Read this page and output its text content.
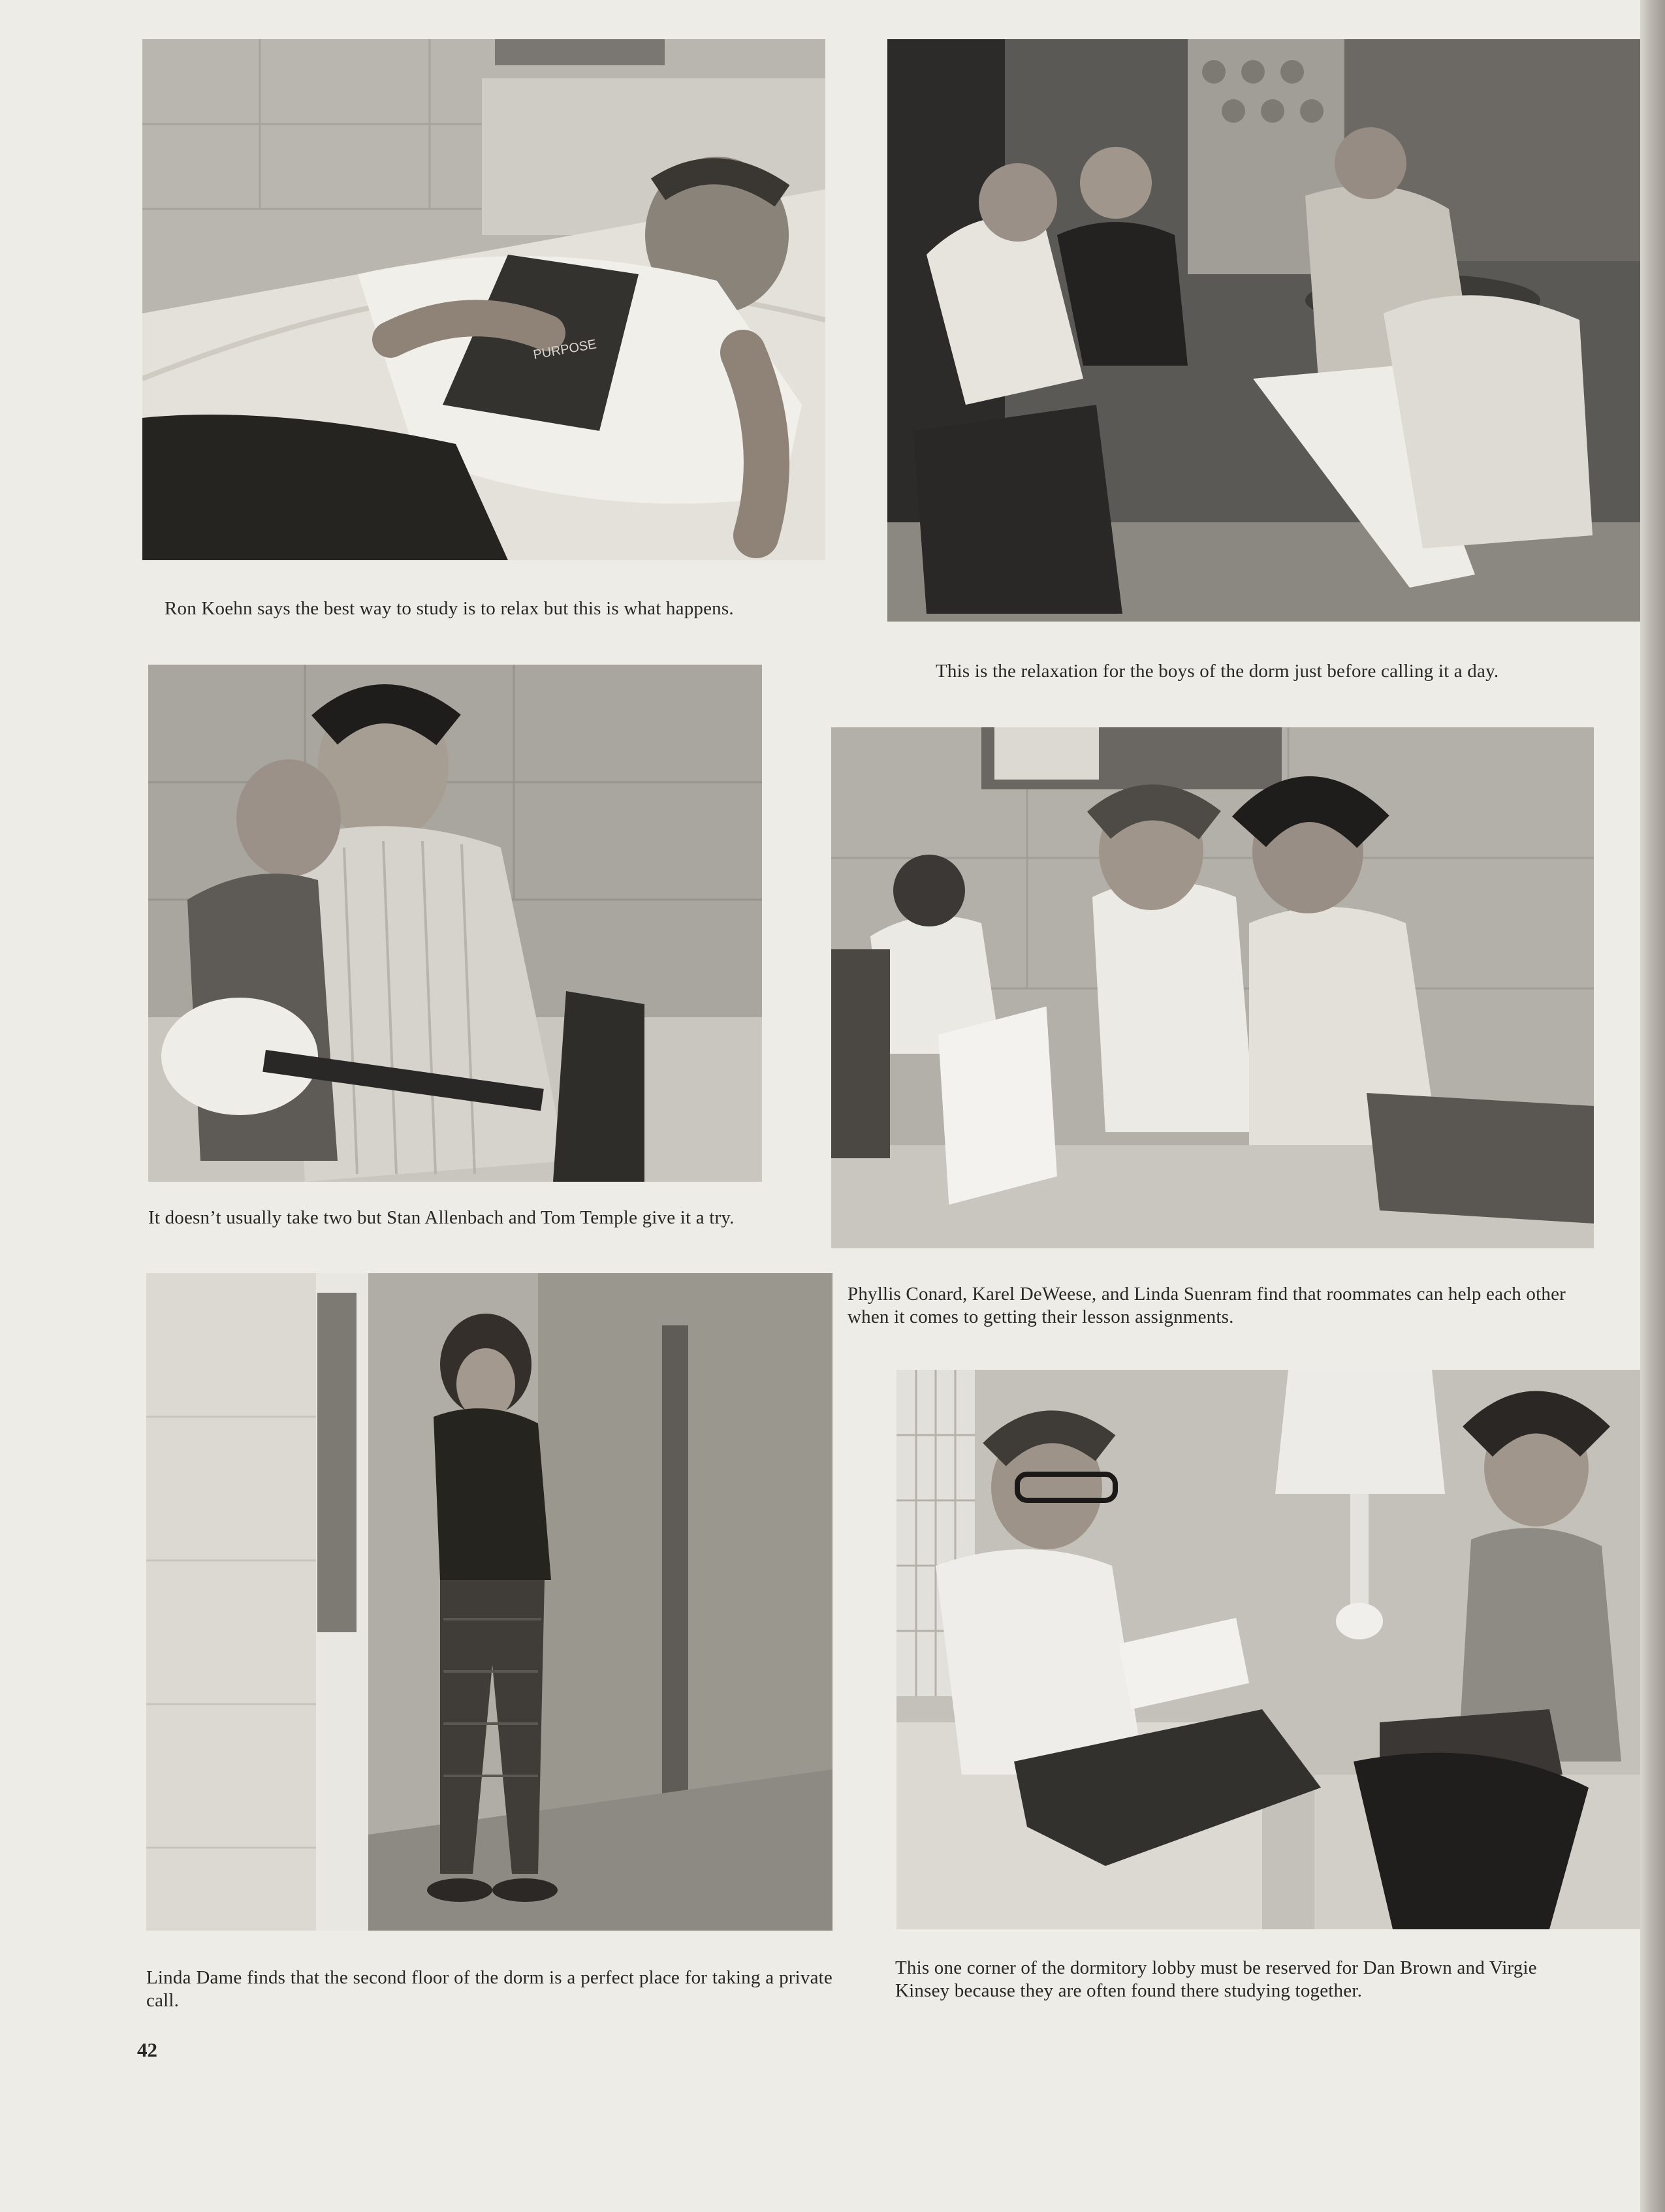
PURPOSE

Ron Koehn says the best way to study is to relax but this is what happens.

This is the relaxation for the boys of the dorm just before calling it a day.

It doesn’t usually take two but Stan Allenbach and Tom Temple give it a try.

Phyllis Conard, Karel DeWeese, and Linda Suenram find that roommates can help each other when it comes to getting their lesson assignments.

Linda Dame finds that the second floor of the dorm is a perfect place for taking a private call.

This one corner of the dormitory lobby must be reserved for Dan Brown and Virgie Kinsey because they are often found there studying together.

42
